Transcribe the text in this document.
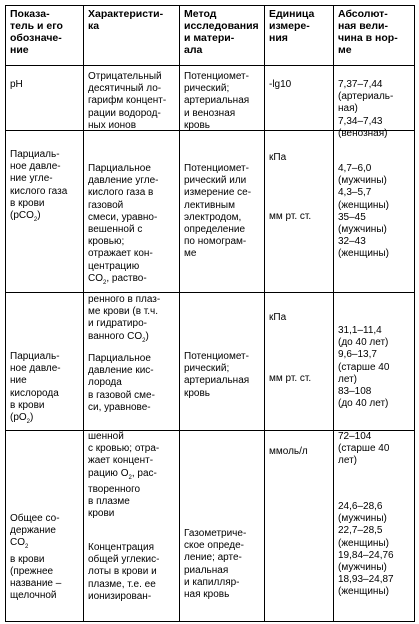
Показа-
тель и его
обозначе-
ние
Характеристи-
ка
Метод
исследования
и матери-
ала
Единица
измере-
ния
Абсолют-
ная вели-
чина в нор-
ме
pH
Отрицательный
десятичный ло-
гарифм концент-
рации водород-
ных ионов
Потенциомет-
рический;
артериальная
и венозная
кровь
-lg10	7,37–7,44
(артериаль-
ная)
7,34–7,43
(венозная)
Парциаль-
ное давле-
ние угле-
кислого газа
в крови
(рCO$_2$)
Парциальное
давление угле-
кислого газа в
газовой
смеси, уравно-
вешенной с
кровью;
отражает кон-
центрацию
$CO_2$, раство-
Потенциомет-
рический или
измерение се-
лективным
электродом,
определение
по номограм-
ме
кПа
мм рт. ст.
4,7–6,0
(мужчины)
4,3–5,7
(женщины)
35–45
(мужчины)
32–43
(женщины)
Парциаль-
ное давле-
ние
кислорода
в крови
$(рО_2)$
ренного в плаз-
ме крови (в т.ч.
и гидратиро-
ванного $CO_2$)
Парциальное
давление кис-
лорода
в газовой сме-
си, уравнове-
Потенциомет-
рический;
артериальная
кровь
кПа
мм рт. ст.
31,1–11,4
(до 40 лет)
9,6–13,7
(старше 40
лет)
83–108
(до 40 лет)
Общее со-
держание
$CO_2$
в крови
(прежнее
название –
щелочной
шенной
с кровью; отра-
жает концент-
рацию $О_2$, рас-
творенного
в плазме
крови
Концентрация
общей углекис-
лоты в крови и
плазме, т.е. ее
ионизирован-
Газометриче-
ское опреде-
ление; арте-
риальная
и капилляр-
ная кровь
ммоль/л
72–104
(старше 40
лет)
24,6–28,6
(мужчины)
22,7–28,5
(женщины)
19,84–24,76
(мужчины)
18,93–24,87
(женщины)
